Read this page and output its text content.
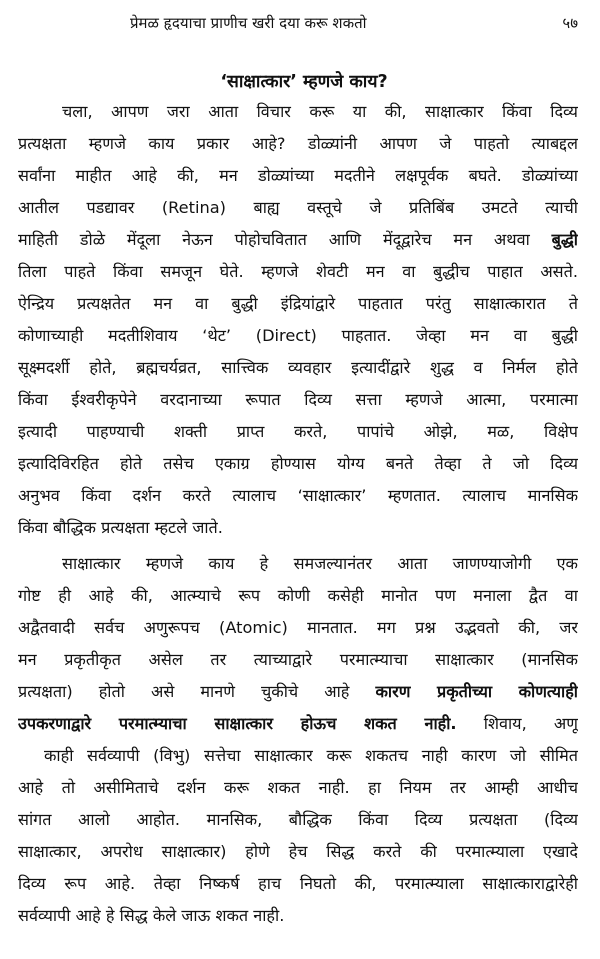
प्रेमळ हृदयाचा प्राणीच खरी दया करू शकतो	५७
‘साक्षात्कार’ म्हणजे काय?

चला, आपण जरा आता विचार करू या की, साक्षात्कार किंवा दिव्य
प्रत्यक्षता म्हणजे काय प्रकार आहे? डोळ्यांनी आपण जे पाहतो त्याबद्दल
सर्वांना माहीत आहे की, मन डोळ्यांच्या मदतीने लक्षपूर्वक बघते. डोळ्यांच्या
आतील पडद्यावर (Retina) बाह्य वस्तूचे जे प्रतिबिंब उमटते त्याची
माहिती डोळे मेंदूला नेऊन पोहोचवितात आणि मेंदूद्वारेच मन अथवा बुद्धी
तिला पाहते किंवा समजून घेते. म्हणजे शेवटी मन वा बुद्धीच पाहात असते.
ऐन्द्रिय प्रत्यक्षतेत मन वा बुद्धी इंद्रियांद्वारे पाहतात परंतु साक्षात्कारात ते
कोणाच्याही मदतीशिवाय ‘थेट’ (Direct) पाहतात. जेव्हा मन वा बुद्धी
सूक्ष्मदर्शी होते, ब्रह्मचर्यव्रत, सात्त्विक व्यवहार इत्यादींद्वारे शुद्ध व निर्मल होते
किंवा ईश्वरीकृपेने वरदानाच्या रूपात दिव्य सत्ता म्हणजे आत्मा, परमात्मा
इत्यादी पाहण्याची शक्ती प्राप्त करते, पापांचे ओझे, मळ, विक्षेप
इत्यादिविरहित होते तसेच एकाग्र होण्यास योग्य बनते तेव्हा ते जो दिव्य
अनुभव किंवा दर्शन करते त्यालाच ‘साक्षात्कार’ म्हणतात. त्यालाच मानसिक
किंवा बौद्धिक प्रत्यक्षता म्हटले जाते.

साक्षात्कार म्हणजे काय हे समजल्यानंतर आता जाणण्याजोगी एक
गोष्ट ही आहे की, आत्म्याचे रूप कोणी कसेही मानोत पण मनाला द्वैत वा
अद्वैतवादी सर्वच अणुरूपच (Atomic) मानतात. मग प्रश्न उद्भवतो की, जर
मन प्रकृतीकृत असेल तर त्याच्याद्वारे परमात्म्याचा साक्षात्कार (मानसिक
प्रत्यक्षता) होतो असे मानणे चुकीचे आहे कारण प्रकृतीच्या कोणत्याही
उपकरणाद्वारे परमात्म्याचा साक्षात्कार होऊच शकत नाही. शिवाय, अणू
काही सर्वव्यापी (विभु) सत्तेचा साक्षात्कार करू शकतच नाही कारण जो सीमित
आहे तो असीमिताचे दर्शन करू शकत नाही. हा नियम तर आम्ही आधीच
सांगत आलो आहोत. मानसिक, बौद्धिक किंवा दिव्य प्रत्यक्षता (दिव्य
साक्षात्कार, अपरोध साक्षात्कार) होणे हेच सिद्ध करते की परमात्म्याला एखादे
दिव्य रूप आहे. तेव्हा निष्कर्ष हाच निघतो की, परमात्म्याला साक्षात्काराद्वारेही
सर्वव्यापी आहे हे सिद्ध केले जाऊ शकत नाही.
